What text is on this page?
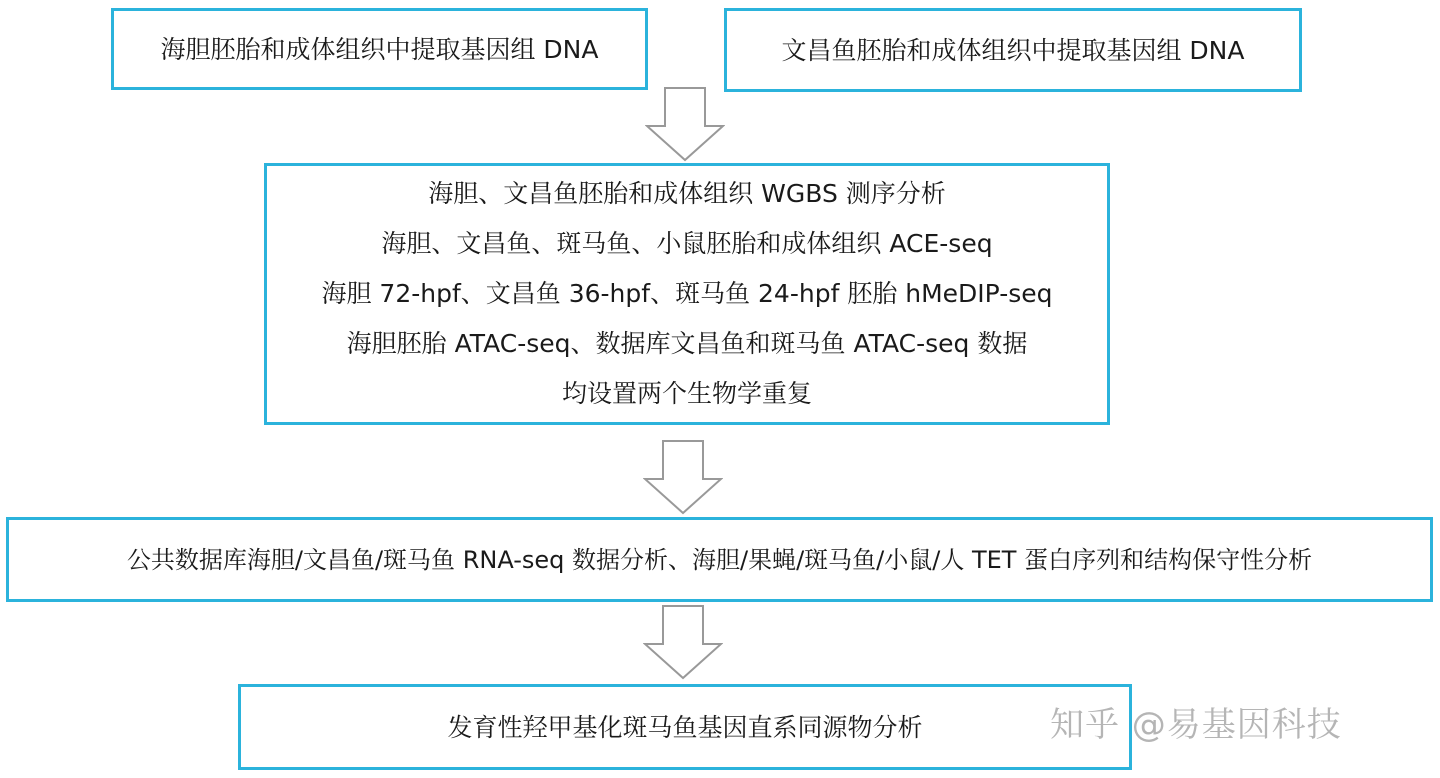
海胆胚胎和成体组织中提取基因组 DNA	文昌鱼胚胎和成体组织中提取基因组 DNA
海胆、文昌鱼胚胎和成体组织 WGBS 测序分析
海胆、文昌鱼、斑马鱼、小鼠胚胎和成体组织 ACE-seq
海胆 72-hpf、文昌鱼 36-hpf、斑马鱼 24-hpf 胚胎 hMeDIP-seq
海胆胚胎 ATAC-seq、数据库文昌鱼和斑马鱼 ATAC-seq 数据
均设置两个生物学重复
公共数据库海胆/文昌鱼/斑马鱼 RNA-seq 数据分析、海胆/果蝇/斑马鱼/小鼠/人 TET 蛋白序列和结构保守性分析
发育性羟甲基化斑马鱼基因直系同源物分析	知乎 @易基因科技
